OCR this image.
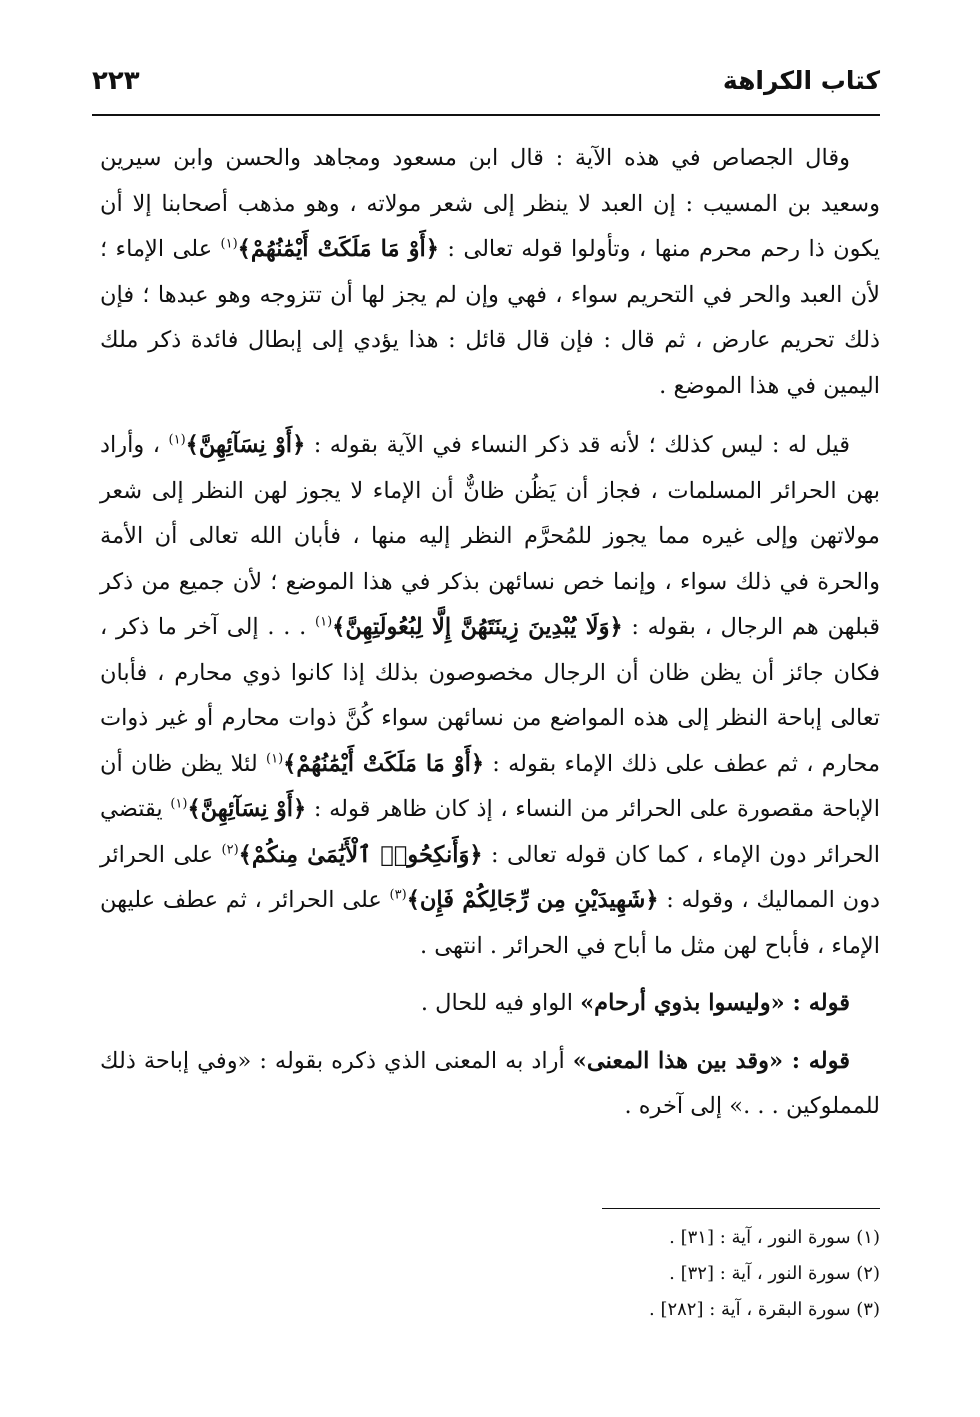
كتاب الكراهة
٢٢٣

وقال الجصاص في هذه الآية : قال ابن مسعود ومجاهد والحسن وابن سيرين وسعيد بن المسيب : إن العبد لا ينظر إلى شعر مولاته ، وهو مذهب أصحابنا إلا أن يكون ذا رحم محرم منها ، وتأولوا قوله تعالى : ﴿أَوْ مَا مَلَكَتْ أَيْمَٰنُهُمْ﴾$^{(١)}$ على الإماء ؛ لأن العبد والحر في التحريم سواء ، فهي وإن لم يجز لها أن تتزوجه وهو عبدها ؛ فإن ذلك تحريم عارض ، ثم قال : فإن قال قائل : هذا يؤدي إلى إبطال فائدة ذكر ملك اليمين في هذا الموضع .

قيل له : ليس كذلك ؛ لأنه قد ذكر النساء في الآية بقوله : ﴿أَوْ نِسَآئِهِنَّ﴾$^{(١)}$ ، وأراد بهن الحرائر المسلمات ، فجاز أن يَظُن ظانٌّ أن الإماء لا يجوز لهن النظر إلى شعر مولاتهن وإلى غيره مما يجوز للمُحرَّم النظر إليه منها ، فأبان الله تعالى أن الأمة والحرة في ذلك سواء ، وإنما خص نسائهن بذكر في هذا الموضع ؛ لأن جميع من ذكر قبلهن هم الرجال ، بقوله : ﴿وَلَا يُبْدِينَ زِينَتَهُنَّ إِلَّا لِبُعُولَتِهِنَّ﴾$^{(١)}$ . . . إلى آخر ما ذكر ، فكان جائز أن يظن ظان أن الرجال مخصوصون بذلك إذا كانوا ذوي محارم ، فأبان تعالى إباحة النظر إلى هذه المواضع من نسائهن سواء كُنَّ ذوات محارم أو غير ذوات محارم ، ثم عطف على ذلك الإماء بقوله : ﴿أَوْ مَا مَلَكَتْ أَيْمَٰنُهُمْ﴾$^{(١)}$ لئلا يظن ظان أن الإباحة مقصورة على الحرائر من النساء ، إذ كان ظاهر قوله : ﴿أَوْ نِسَآئِهِنَّ﴾$^{(١)}$ يقتضي الحرائر دون الإماء ، كما كان قوله تعالى : ﴿وَأَنكِحُوا۟ ٱلْأَيَٰمَىٰ مِنكُمْ﴾$^{(٢)}$ على الحرائر دون المماليك ، وقوله : ﴿شَهِيدَيْنِ مِن رِّجَالِكُمْ فَإِن﴾$^{(٣)}$ على الحرائر ، ثم عطف عليهن الإماء ، فأباح لهن مثل ما أباح في الحرائر . انتهى .

قوله : «وليسوا بذوي أرحام» الواو فيه للحال .

قوله : «وقد بين هذا المعنى» أراد به المعنى الذي ذكره بقوله : «وفي إباحة ذلك للمملوكين . . .» إلى آخره .

(١) سورة النور ، آية : [٣١] .
(٢) سورة النور ، آية : [٣٢] .
(٣) سورة البقرة ، آية : [٢٨٢] .
